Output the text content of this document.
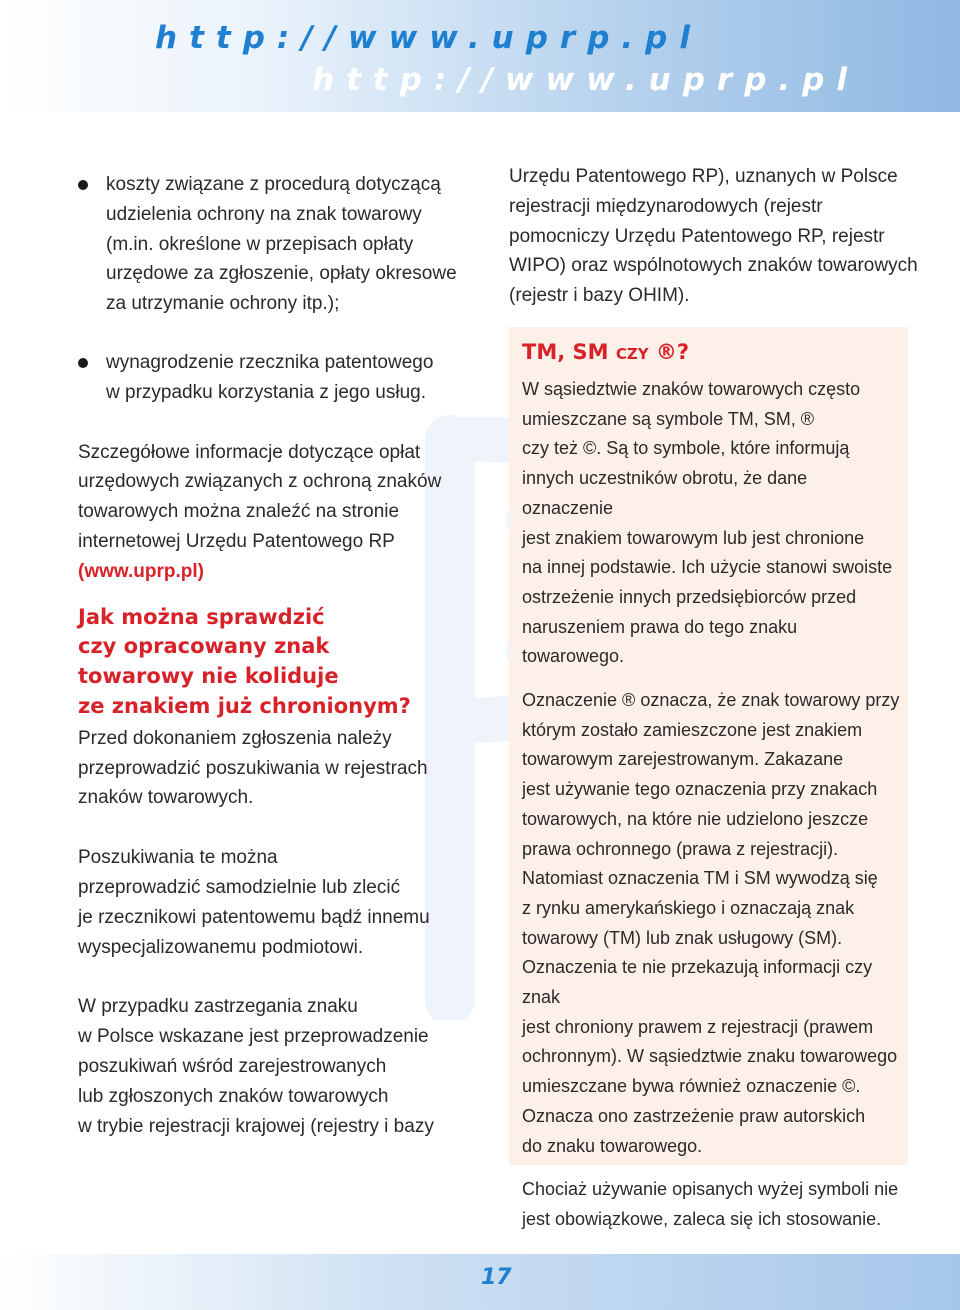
http://www.uprp.pl
http://www.uprp.pl

koszty związane z procedurą dotyczącą

udzielenia ochrony na znak towarowy

(m.in. określone w przepisach opłaty

urzędowe za zgłoszenie, opłaty okresowe

za utrzymanie ochrony itp.);

wynagrodzenie rzecznika patentowego

w przypadku korzystania z jego usług.

Szczegółowe informacje dotyczące opłat

urzędowych związanych z ochroną znaków

towarowych można znaleźć na stronie

internetowej Urzędu Patentowego RP

(www.uprp.pl)

Jak można sprawdzić

czy opracowany znak

towarowy nie koliduje

ze znakiem już chronionym?

Przed dokonaniem zgłoszenia należy

przeprowadzić poszukiwania w rejestrach

znaków towarowych.

Poszukiwania te można

przeprowadzić samodzielnie lub zlecić

je rzecznikowi patentowemu bądź innemu

wyspecjalizowanemu podmiotowi.

W przypadku zastrzegania znaku

w Polsce wskazane jest przeprowadzenie

poszukiwań wśród zarejestrowanych

lub zgłoszonych znaków towarowych

w trybie rejestracji krajowej (rejestry i bazy

Urzędu Patentowego RP), uznanych w Polsce

rejestracji międzynarodowych (rejestr

pomocniczy Urzędu Patentowego RP, rejestr

WIPO) oraz wspólnotowych znaków towarowych

(rejestr i bazy OHIM).

TM, SM CZY ®?

W sąsiedztwie znaków towarowych często

umieszczane są symbole TM, SM, ®

czy też ©. Są to symbole, które informują

innych uczestników obrotu, że dane oznaczenie

jest znakiem towarowym lub jest chronione

na innej podstawie. Ich użycie stanowi swoiste

ostrzeżenie innych przedsiębiorców przed

naruszeniem prawa do tego znaku towarowego.

Oznaczenie ® oznacza, że znak towarowy przy

którym zostało zamieszczone jest znakiem

towarowym zarejestrowanym. Zakazane

jest używanie tego oznaczenia przy znakach

towarowych, na które nie udzielono jeszcze

prawa ochronnego (prawa z rejestracji).

Natomiast oznaczenia TM i SM wywodzą się

z rynku amerykańskiego i oznaczają znak

towarowy (TM) lub znak usługowy (SM).

Oznaczenia te nie przekazują informacji czy znak

jest chroniony prawem z rejestracji (prawem

ochronnym). W sąsiedztwie znaku towarowego

umieszczane bywa również oznaczenie ©.

Oznacza ono zastrzeżenie praw autorskich

do znaku towarowego.

Chociaż używanie opisanych wyżej symboli nie

jest obowiązkowe, zaleca się ich stosowanie.

17
